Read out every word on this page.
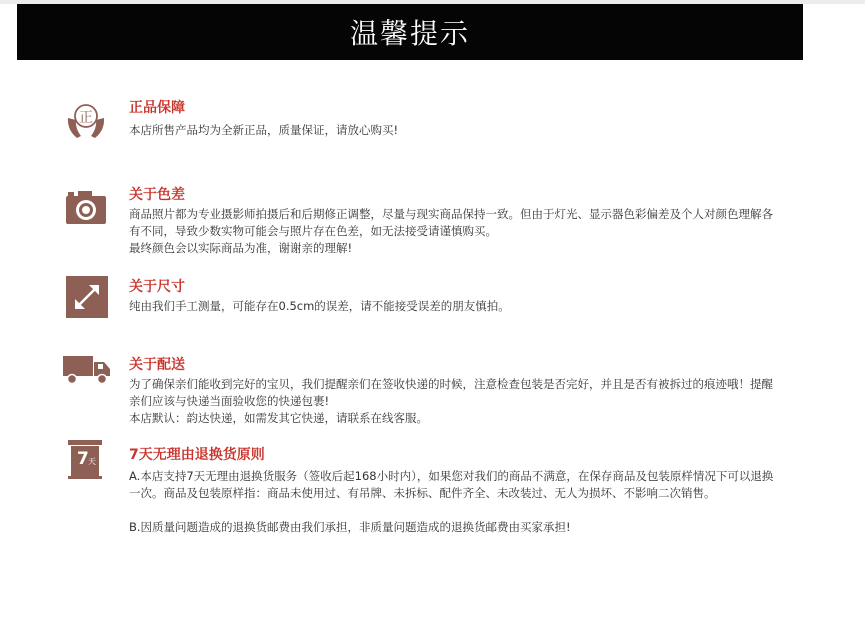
温馨提示
正
正品保障

本店所售产品均为全新正品，质量保证，请放心购买!

关于色差

商品照片都为专业摄影师拍摄后和后期修正调整，尽量与现实商品保持一致。但由于灯光、显示器色彩偏差及个人对颜色理解各有不同，导致少数实物可能会与照片存在色差，如无法接受请谨慎购买。

最终颜色会以实际商品为准，谢谢亲的理解!

关于尺寸

纯由我们手工测量，可能存在0.5cm的误差，请不能接受误差的朋友慎拍。

关于配送

为了确保亲们能收到完好的宝贝，我们提醒亲们在签收快递的时候，注意检查包装是否完好，并且是否有被拆过的痕迹哦！提醒亲们应该与快递当面验收您的快递包裹!

本店默认：韵达快递，如需发其它快递，请联系在线客服。

7 天 7天无理由退换货原则

A.本店支持7天无理由退换货服务（签收后起168小时内），如果您对我们的商品不满意，在保存商品及包装原样情况下可以退换一次。商品及包装原样指：商品未使用过、有吊牌、未拆标、配件齐全、未改装过、无人为损坏、不影响二次销售。

B.因质量问题造成的退换货邮费由我们承担，非质量问题造成的退换货邮费由买家承担!
